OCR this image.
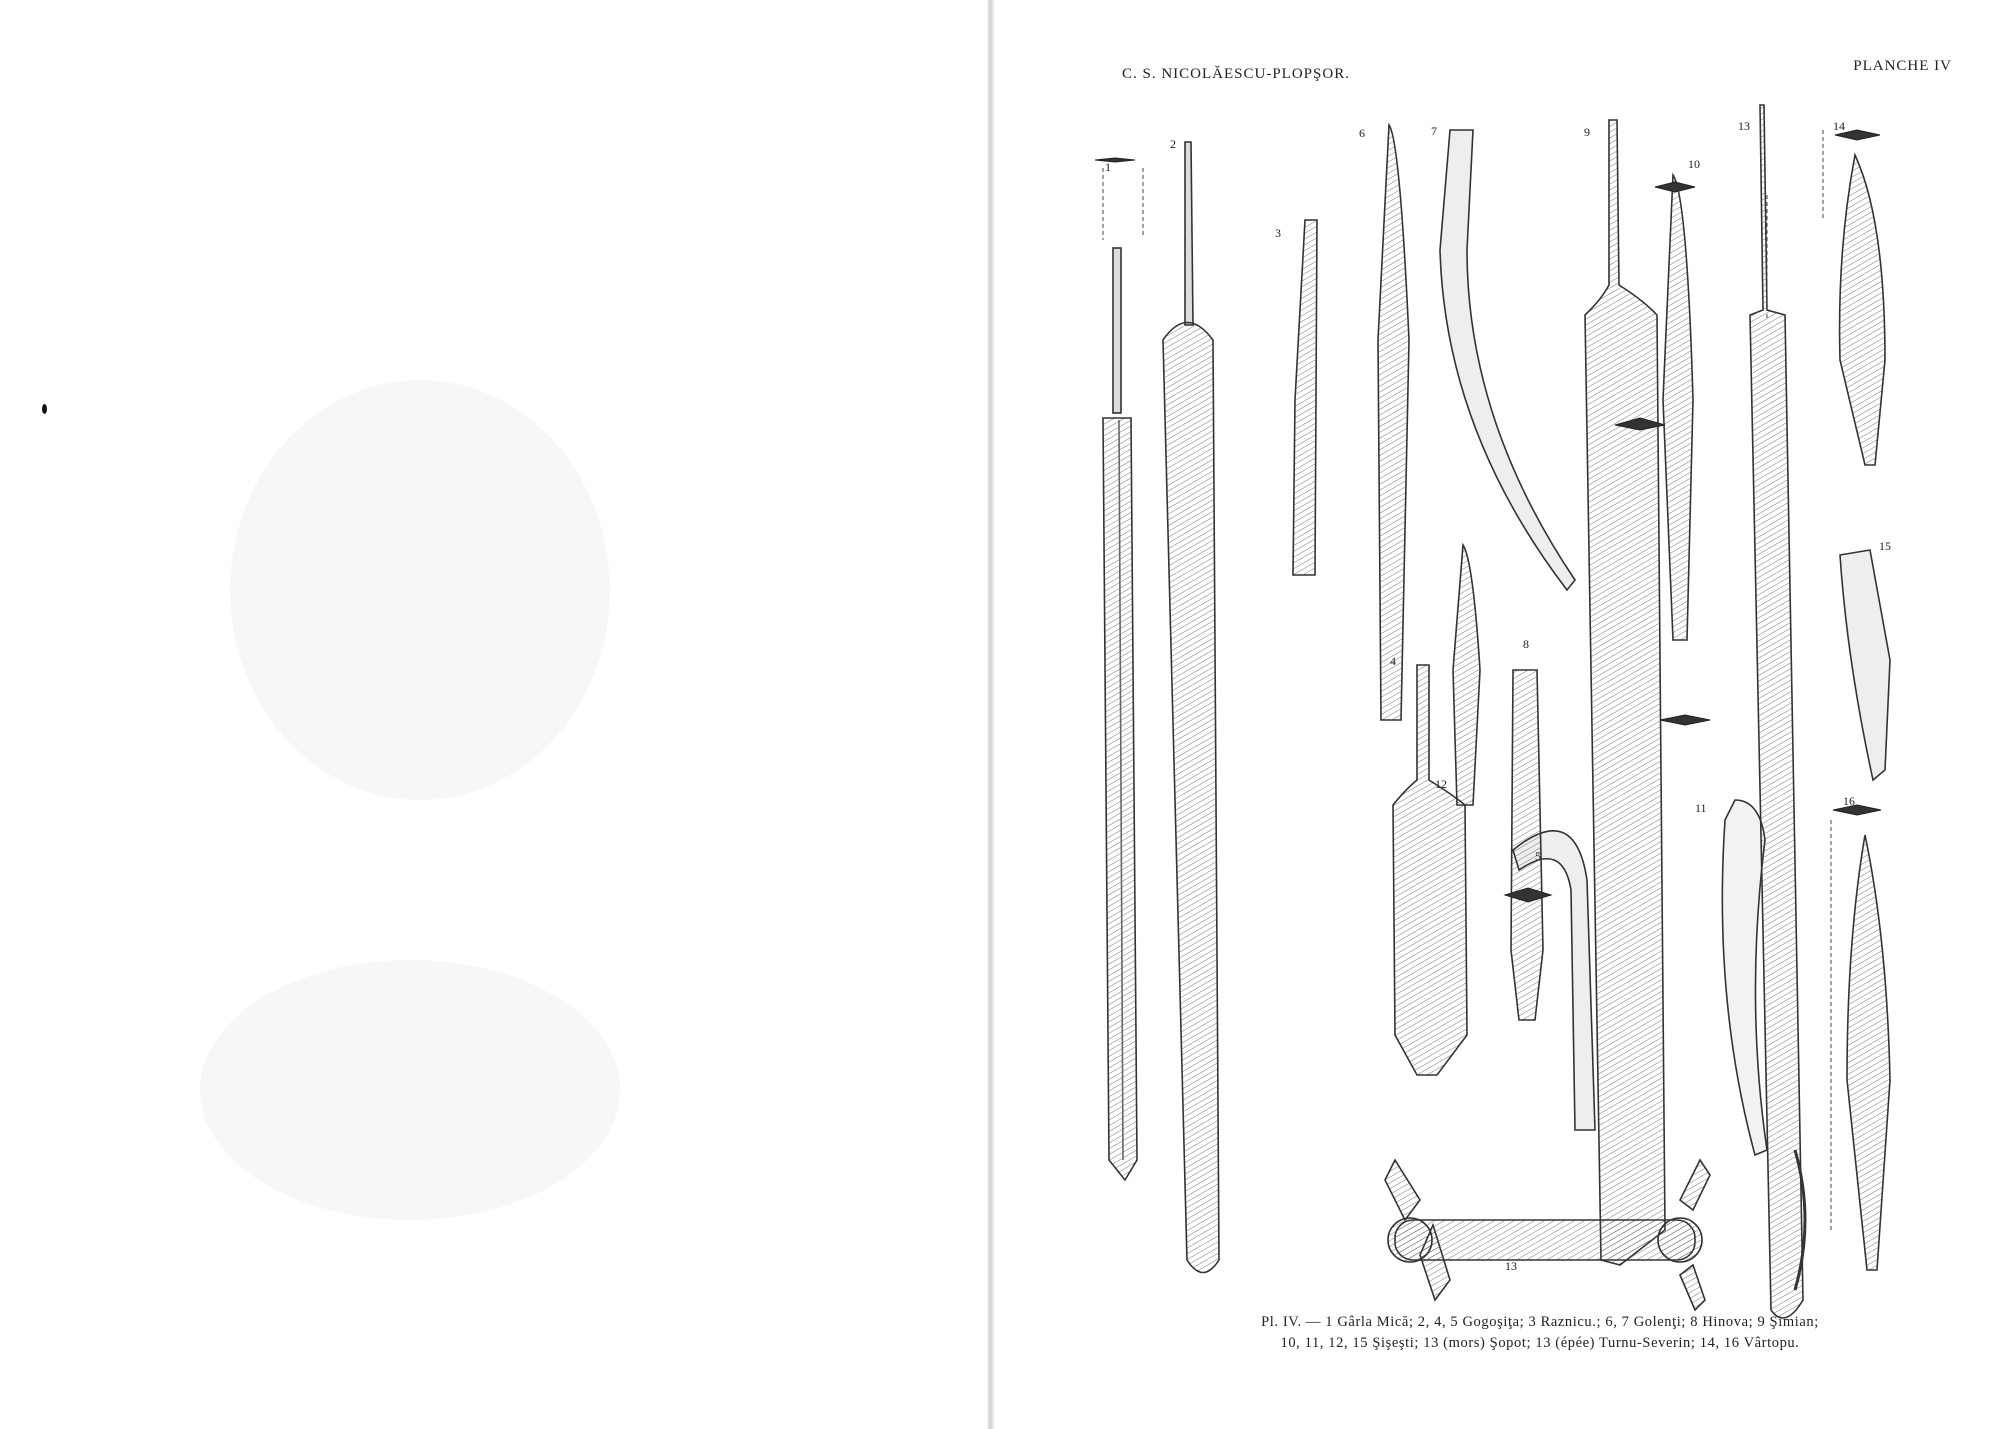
C. S. NICOLĂESCU-PLOPŞOR.	PLANCHE IV
1
2
3
4
5
6	7
8
9
10
11
12
13
13
14
15
16
Pl. IV. — 1 Gârla Mică; 2, 4, 5 Gogoşiţa; 3 Raznicu.; 6, 7 Golenţi; 8 Hinova; 9 Şimian;
10, 11, 12, 15 Şişeşti; 13 (mors) Şopot; 13 (épée) Turnu-Severin; 14, 16 Vârtopu.
